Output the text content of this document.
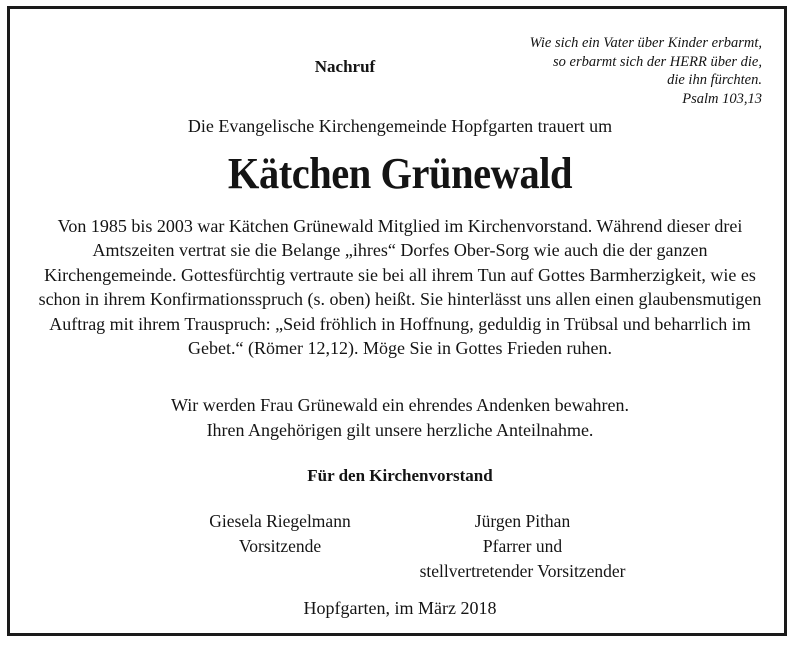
Nachruf
Wie sich ein Vater über Kinder erbarmt,
so erbarmt sich der HERR über die,
die ihn fürchten.
Psalm 103,13
Die Evangelische Kirchengemeinde Hopfgarten trauert um
Kätchen Grünewald
Von 1985 bis 2003 war Kätchen Grünewald Mitglied im Kirchenvorstand. Während dieser drei
Amtszeiten vertrat sie die Belange „ihres“ Dorfes Ober-Sorg wie auch die der ganzen
Kirchengemeinde. Gottesfürchtig vertraute sie bei all ihrem Tun auf Gottes Barmherzigkeit, wie es
schon in ihrem Konfirmationsspruch (s. oben) heißt. Sie hinterlässt uns allen einen glaubensmutigen
Auftrag mit ihrem Trauspruch: „Seid fröhlich in Hoffnung, geduldig in Trübsal und beharrlich im
Gebet.“ (Römer 12,12). Möge Sie in Gottes Frieden ruhen.
Wir werden Frau Grünewald ein ehrendes Andenken bewahren.
Ihren Angehörigen gilt unsere herzliche Anteilnahme.
Für den Kirchenvorstand
Giesela Riegelmann
Vorsitzende
Jürgen Pithan
Pfarrer und
stellvertretender Vorsitzender
Hopfgarten, im März 2018
